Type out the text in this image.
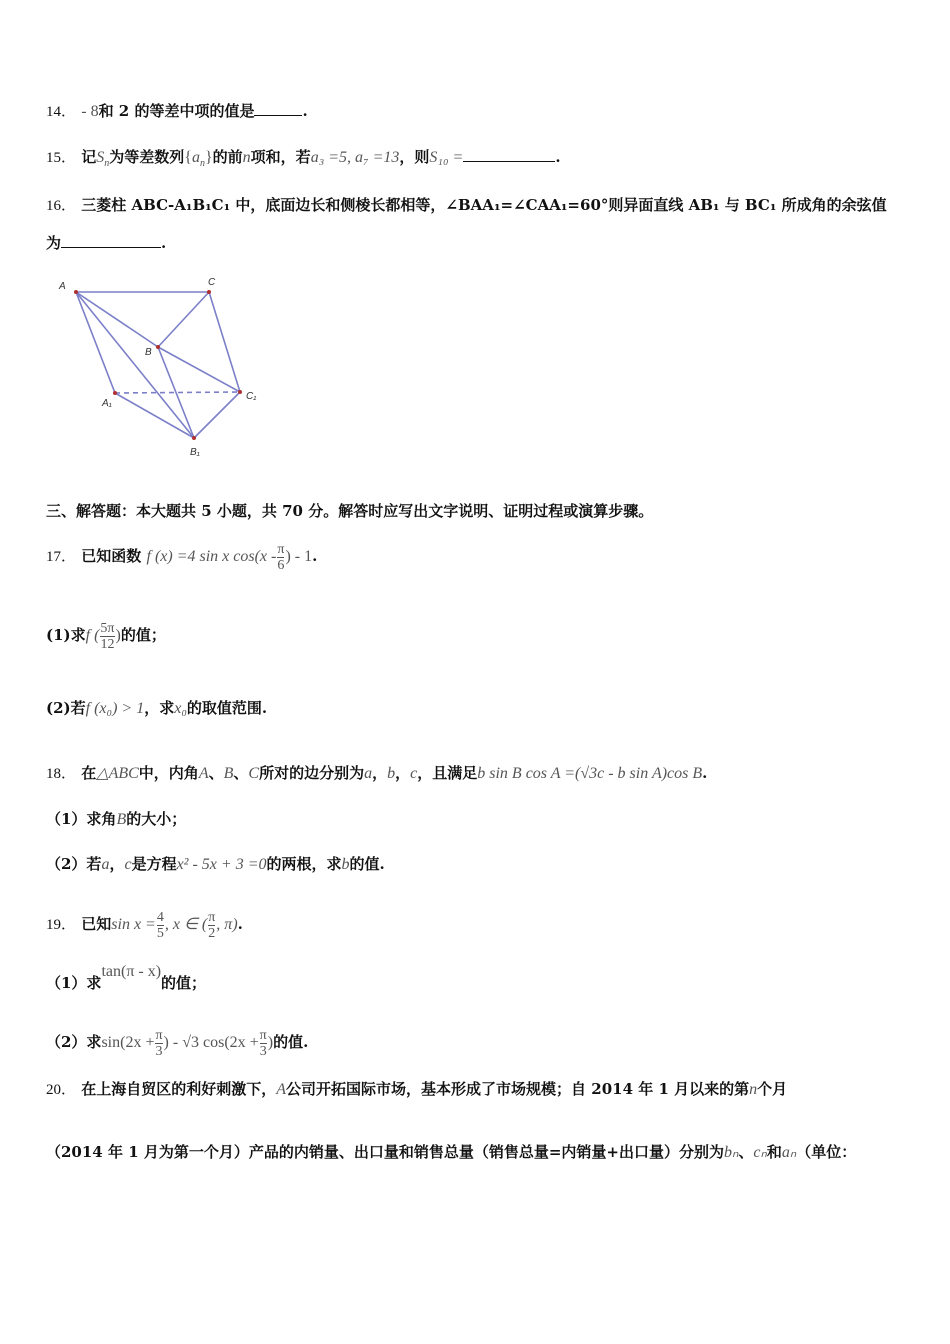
14． - 8和 2 的等差中项的值是	.
15． 记$S_n$为等差数列$\{a_n\}$的前n项和，若a₃ =5, a₇ =13，则S₁₀ =	.
16． 三菱柱 ABC-A₁B₁C₁ 中，底面边长和侧棱长都相等，∠BAA₁=∠CAA₁=60°则异面直线 AB₁ 与 BC₁ 所成角的余弦值
为	.
A	C
B
A₁
C₁
B₁
三、解答题：本大题共 5 小题，共 70 分。解答时应写出文字说明、证明过程或演算步骤。
17． 已知函数 f (x) =4 sin x $\cos(x - \frac{\pi}{6}$ ) - 1.
(1)求f ( $\frac{5\pi}{12}$ )的值；
(2)若f (x₀) > 1，求x₀的取值范围.
18． 在△ABC中，内角A、B、C所对的边分别为a，b，c，且满足b sin B cos A =(√3c - b sin A)cos B.
（1）求角B的大小；
（2）若a，c是方程x² - 5x + 3 =0的两根，求b的值.
19． 已知$\sin x = \frac{4}{5}$ , x ∈ ( $\frac{\pi}{2}$ , π).
（1）求tan(π - x)的值；
（2）求$\sin(2x + \frac{\pi}{3}$ ) - √3 $\cos(2x + \frac{\pi}{3}$ )的值.
20． 在上海自贸区的利好刺激下，A公司开拓国际市场，基本形成了市场规模；自 2014 年 1 月以来的第n个月
（2014 年 1 月为第一个月）产品的内销量、出口量和销售总量（销售总量=内销量+出口量）分别为bₙ、cₙ和aₙ（单位：
